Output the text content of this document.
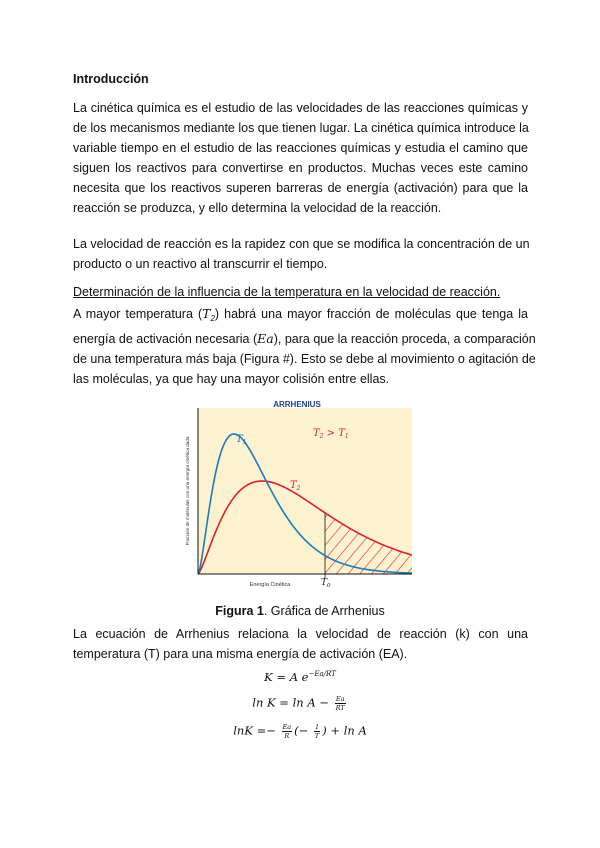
Introducción
La cinética química es el estudio de las velocidades de las reacciones químicas y
de los mecanismos mediante los que tienen lugar. La cinética química introduce la
variable tiempo en el estudio de las reacciones químicas y estudia el camino que
siguen los reactivos para convertirse en productos. Muchas veces este camino
necesita que los reactivos superen barreras de energía (activación) para que la
reacción se produzca, y ello determina la velocidad de la reacción.
La velocidad de reacción es la rapidez con que se modifica la concentración de un
producto o un reactivo al transcurrir el tiempo.
Determinación de la influencia de la temperatura en la velocidad de reacción.
A mayor temperatura $(T_2)$ habrá una mayor fracción de moléculas que tenga la
energía de activación necesaria (Ea), para que la reacción proceda, a comparación
de una temperatura más baja (Figura #). Esto se debe al movimiento o agitación de
las moléculas, ya que hay una mayor colisión entre ellas.
ARRHENIUS
Fracción de moléculas con una energía cinética dada	$T_1$
$T_2$
$T_2 > T_1$
Energía Cinética	$T_0$
Figura 1. Gráfica de Arrhenius
La ecuación de Arrhenius relaciona la velocidad de reacción (k) con una
temperatura (T) para una misma energía de activación (EA).
K = A $e^{-Ea/RT}$
$\ln K = \ln A - \frac{Ea}{RT}$
$\ln K =- \frac{Ea}{R}$ (− $\frac{1}{T}$ ) + ln A
